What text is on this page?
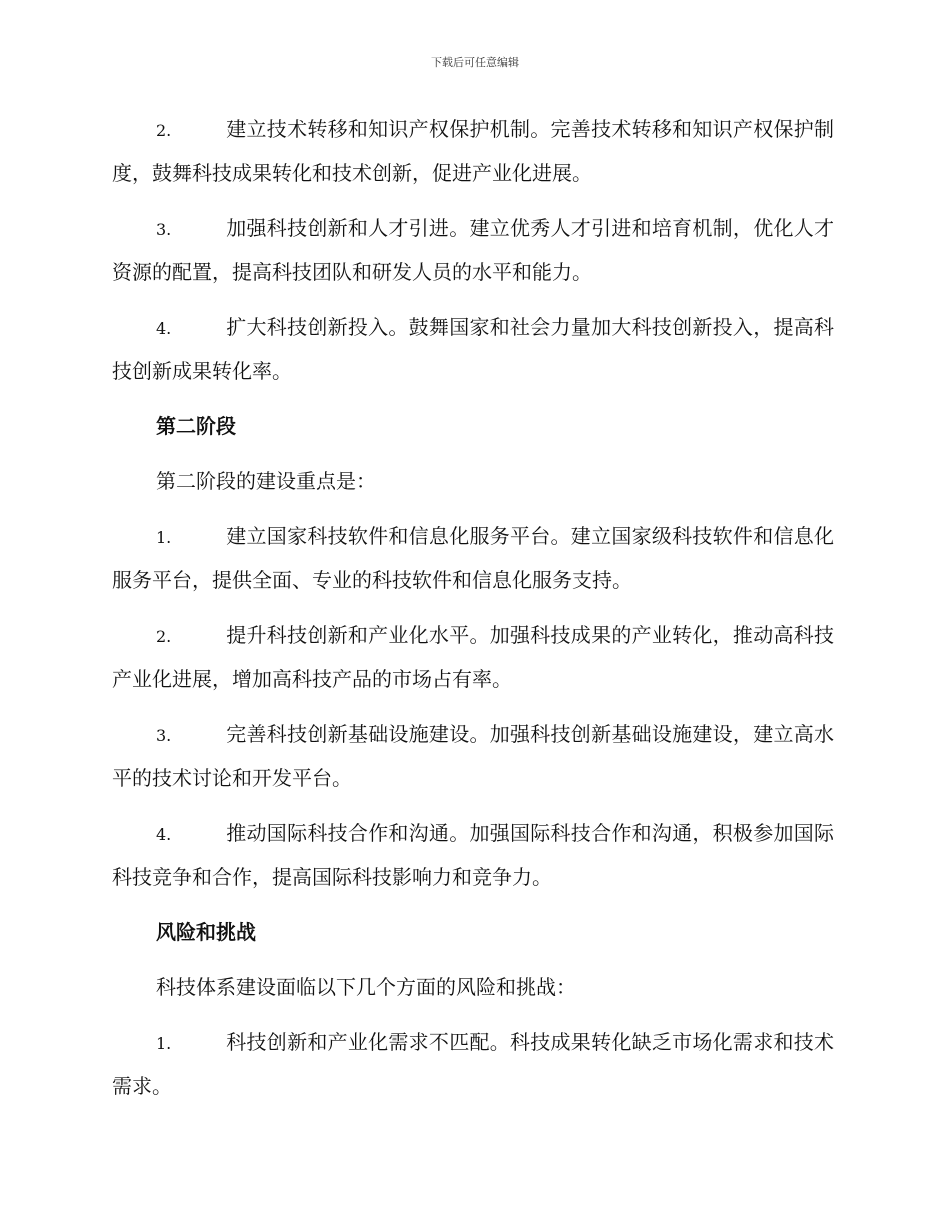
下载后可任意编辑

2.	建立技术转移和知识产权保护机制。完善技术转移和知识产权保护制度，鼓舞科技成果转化和技术创新，促进产业化进展。

3.	加强科技创新和人才引进。建立优秀人才引进和培育机制，优化人才资源的配置，提高科技团队和研发人员的水平和能力。

4.	扩大科技创新投入。鼓舞国家和社会力量加大科技创新投入，提高科技创新成果转化率。

第二阶段

第二阶段的建设重点是：

1.	建立国家科技软件和信息化服务平台。建立国家级科技软件和信息化服务平台，提供全面、专业的科技软件和信息化服务支持。

2.	提升科技创新和产业化水平。加强科技成果的产业转化，推动高科技产业化进展，增加高科技产品的市场占有率。

3.	完善科技创新基础设施建设。加强科技创新基础设施建设，建立高水平的技术讨论和开发平台。

4.	推动国际科技合作和沟通。加强国际科技合作和沟通，积极参加国际科技竞争和合作，提高国际科技影响力和竞争力。

风险和挑战

科技体系建设面临以下几个方面的风险和挑战：

1.	科技创新和产业化需求不匹配。科技成果转化缺乏市场化需求和技术需求。
